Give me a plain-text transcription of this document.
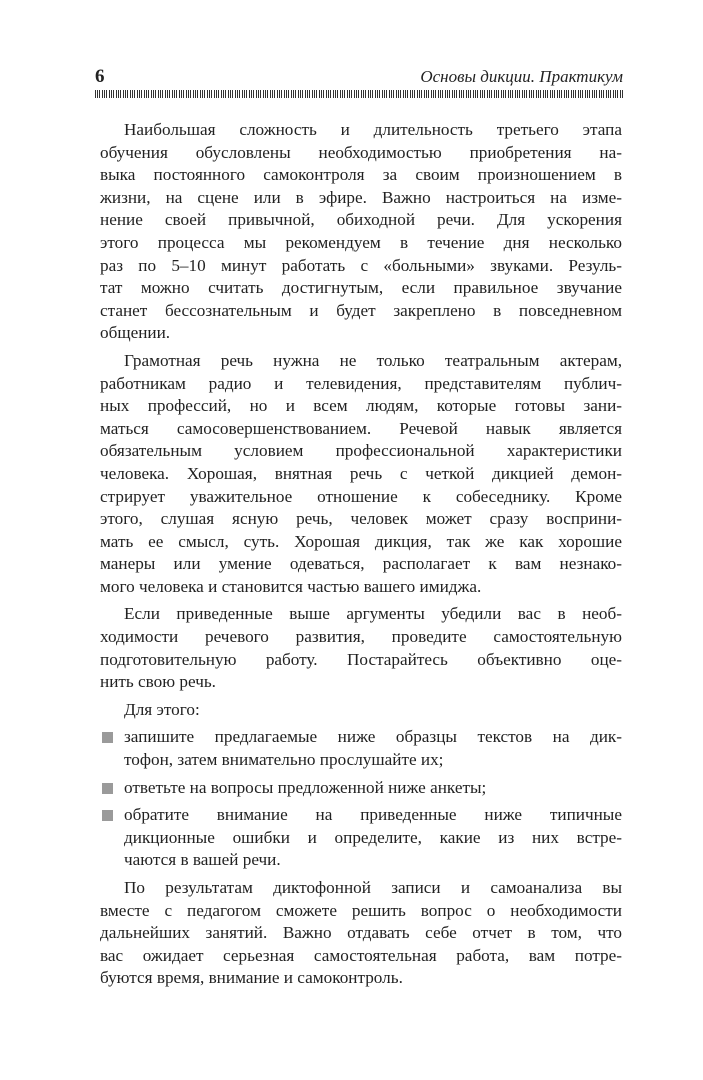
6	Основы дикции. Практикум
Наибольшая сложность и длительность третьего этапа
обучения обусловлены необходимостью приобретения на-
выка постоянного самоконтроля за своим произношением в
жизни, на сцене или в эфире. Важно настроиться на изме-
нение своей привычной, обиходной речи. Для ускорения
этого процесса мы рекомендуем в течение дня несколько
раз по 5–10 минут работать с «больными» звуками. Резуль-
тат можно считать достигнутым, если правильное звучание
станет бессознательным и будет закреплено в повседневном
общении.
Грамотная речь нужна не только театральным актерам,
работникам радио и телевидения, представителям публич-
ных профессий, но и всем людям, которые готовы зани-
маться самосовершенствованием. Речевой навык является
обязательным условием профессиональной характеристики
человека. Хорошая, внятная речь с четкой дикцией демон-
стрирует уважительное отношение к собеседнику. Кроме
этого, слушая ясную речь, человек может сразу восприни-
мать ее смысл, суть. Хорошая дикция, так же как хорошие
манеры или умение одеваться, располагает к вам незнако-
мого человека и становится частью вашего имиджа.
Если приведенные выше аргументы убедили вас в необ-
ходимости речевого развития, проведите самостоятельную
подготовительную работу. Постарайтесь объективно оце-
нить свою речь.
Для этого:
запишите предлагаемые ниже образцы текстов на дик-
тофон, затем внимательно прослушайте их;
ответьте на вопросы предложенной ниже анкеты;
обратите внимание на приведенные ниже типичные
дикционные ошибки и определите, какие из них встре-
чаются в вашей речи.
По результатам диктофонной записи и самоанализа вы
вместе с педагогом сможете решить вопрос о необходимости
дальнейших занятий. Важно отдавать себе отчет в том, что
вас ожидает серьезная самостоятельная работа, вам потре-
буются время, внимание и самоконтроль.
